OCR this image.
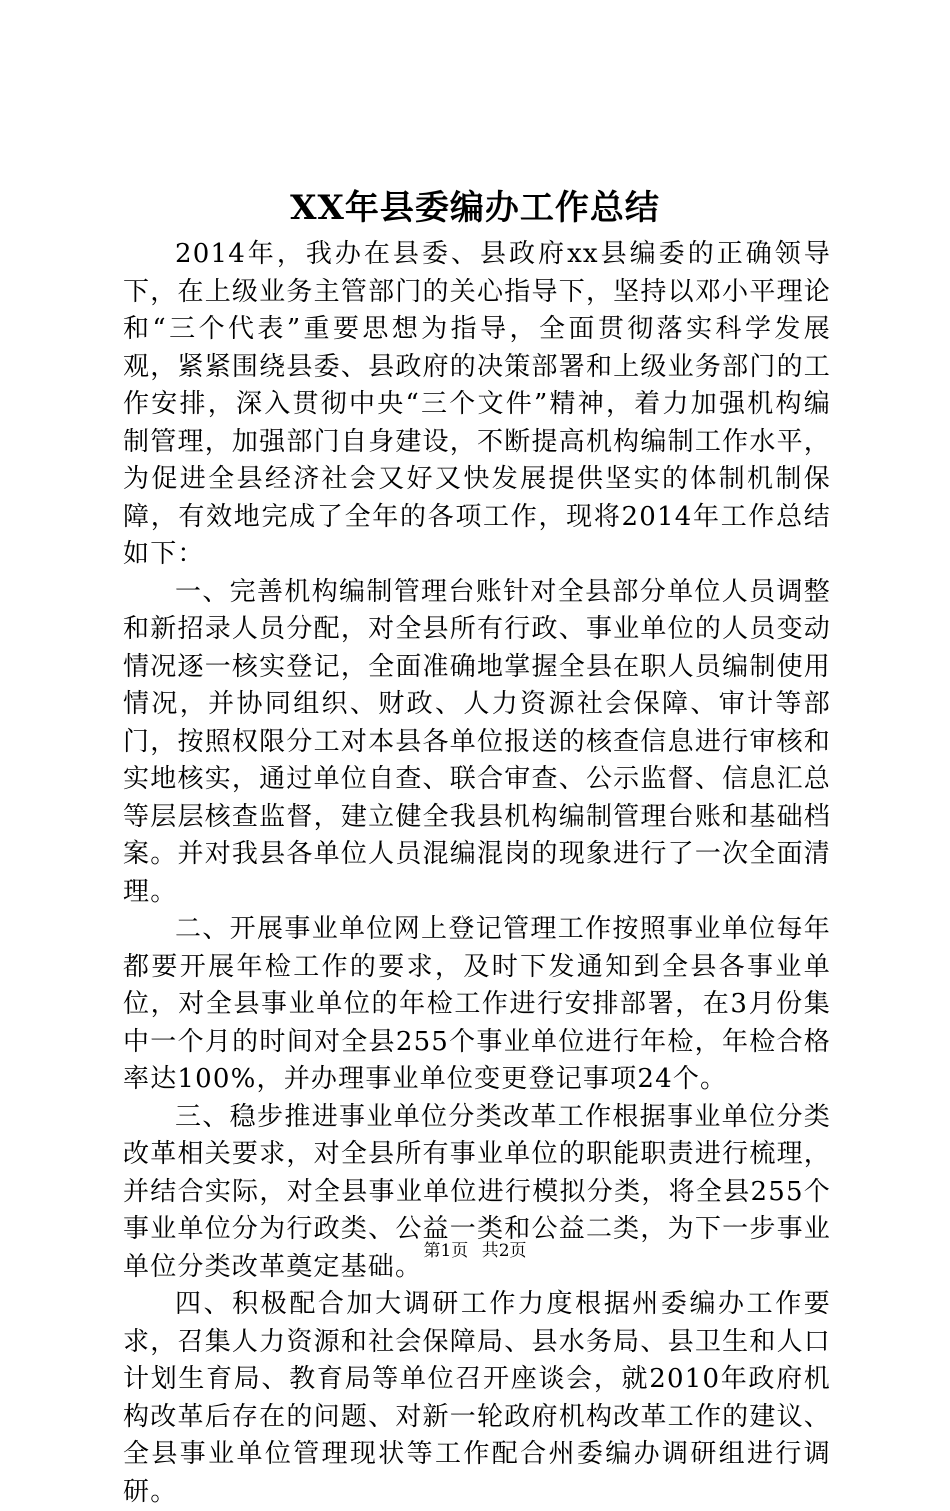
XX年县委编办工作总结

2014年，我办在县委、县政府xx县编委的正确领导下，在上级业务主管部门的关心指导下，坚持以邓小平理论和“三个代表”重要思想为指导，全面贯彻落实科学发展观，紧紧围绕县委、县政府的决策部署和上级业务部门的工作安排，深入贯彻中央“三个文件”精神，着力加强机构编制管理，加强部门自身建设，不断提高机构编制工作水平，为促进全县经济社会又好又快发展提供坚实的体制机制保障，有效地完成了全年的各项工作，现将2014年工作总结如下：

一、完善机构编制管理台账针对全县部分单位人员调整和新招录人员分配，对全县所有行政、事业单位的人员变动情况逐一核实登记，全面准确地掌握全县在职人员编制使用情况，并协同组织、财政、人力资源社会保障、审计等部门，按照权限分工对本县各单位报送的核查信息进行审核和实地核实，通过单位自查、联合审查、公示监督、信息汇总等层层核查监督，建立健全我县机构编制管理台账和基础档案。并对我县各单位人员混编混岗的现象进行了一次全面清理。

二、开展事业单位网上登记管理工作按照事业单位每年都要开展年检工作的要求，及时下发通知到全县各事业单位，对全县事业单位的年检工作进行安排部署，在3月份集中一个月的时间对全县255个事业单位进行年检，年检合格率达100%，并办理事业单位变更登记事项24个。

三、稳步推进事业单位分类改革工作根据事业单位分类改革相关要求，对全县所有事业单位的职能职责进行梳理，并结合实际，对全县事业单位进行模拟分类，将全县255个事业单位分为行政类、公益一类和公益二类，为下一步事业单位分类改革奠定基础。

四、积极配合加大调研工作力度根据州委编办工作要求，召集人力资源和社会保障局、县水务局、县卫生和人口计划生育局、教育局等单位召开座谈会，就2010年政府机构改革后存在的问题、对新一轮政府机构改革工作的建议、全县事业单位管理现状等工作配合州委编办调研组进行调研。

第1页 共2页
